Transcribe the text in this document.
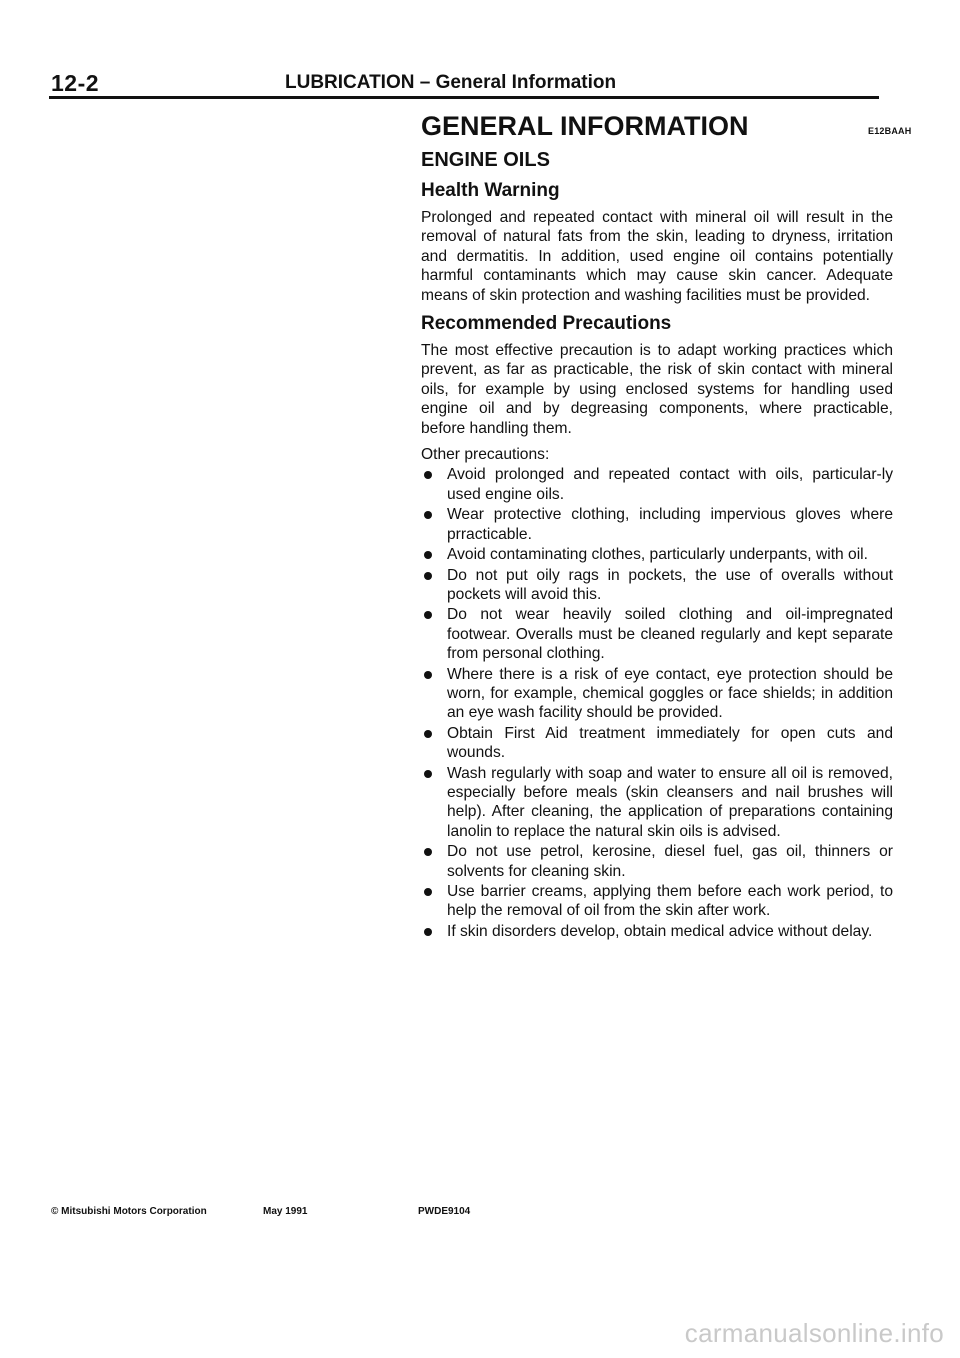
12-2	LUBRICATION – General Information
E12BAAH
GENERAL INFORMATION
ENGINE OILS
Health Warning

Prolonged and repeated contact with mineral oil will result in the removal of natural fats from the skin, leading to dryness, irritation and dermatitis. In addition, used engine oil contains potentially harmful contaminants which may cause skin cancer. Adequate means of skin protection and washing facilities must be provided.

Recommended Precautions

The most effective precaution is to adapt working practices which prevent, as far as practicable, the risk of skin contact with mineral oils, for example by using enclosed systems for handling used engine oil and by degreasing components, where practicable, before handling them.

Other precautions:

Avoid prolonged and repeated contact with oils, particular-ly used engine oils.
Wear protective clothing, including impervious gloves where prracticable.
Avoid contaminating clothes, particularly underpants, with oil.
Do not put oily rags in pockets, the use of overalls without pockets will avoid this.
Do not wear heavily soiled clothing and oil-impregnated footwear. Overalls must be cleaned regularly and kept separate from personal clothing.
Where there is a risk of eye contact, eye protection should be worn, for example, chemical goggles or face shields; in addition an eye wash facility should be provided.
Obtain First Aid treatment immediately for open cuts and wounds.
Wash regularly with soap and water to ensure all oil is removed, especially before meals (skin cleansers and nail brushes will help). After cleaning, the application of preparations containing lanolin to replace the natural skin oils is advised.
Do not use petrol, kerosine, diesel fuel, gas oil, thinners or solvents for cleaning skin.
Use barrier creams, applying them before each work period, to help the removal of oil from the skin after work.
If skin disorders develop, obtain medical advice without delay.
© Mitsubishi Motors Corporation	May 1991	PWDE9104
carmanualsonline.info
